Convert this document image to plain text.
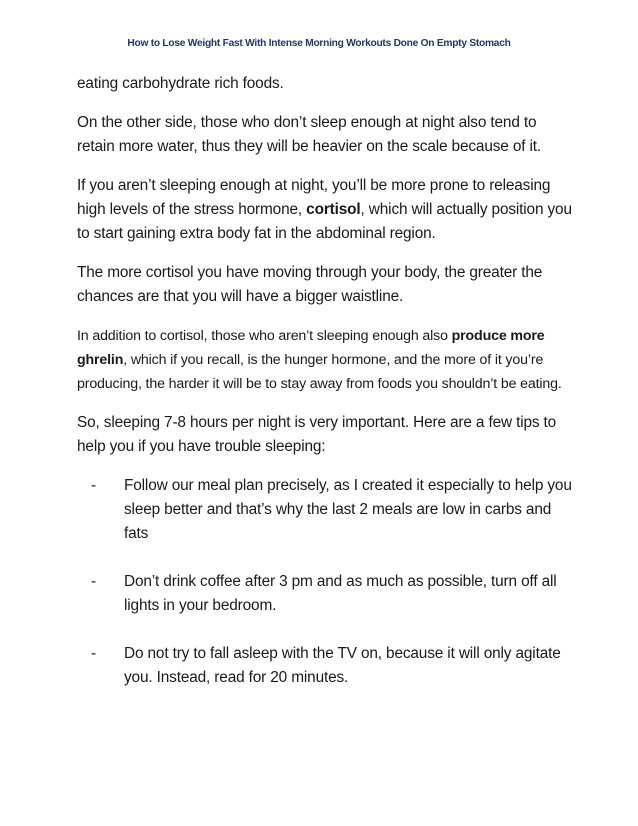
How to Lose Weight Fast With Intense Morning Workouts Done On Empty Stomach

eating carbohydrate rich foods.

On the other side, those who don’t sleep enough at night also tend to retain more water, thus they will be heavier on the scale because of it.

If you aren’t sleeping enough at night, you’ll be more prone to releasing high levels of the stress hormone, cortisol, which will actually position you to start gaining extra body fat in the abdominal region.

The more cortisol you have moving through your body, the greater the chances are that you will have a bigger waistline.

In addition to cortisol, those who aren’t sleeping enough also produce more ghrelin, which if you recall, is the hunger hormone, and the more of it you’re producing, the harder it will be to stay away from foods you shouldn’t be eating.

So, sleeping 7-8 hours per night is very important. Here are a few tips to help you if you have trouble sleeping:

- Follow our meal plan precisely, as I created it especially to help you sleep better and that’s why the last 2 meals are low in carbs and fats
- Don’t drink coffee after 3 pm and as much as possible, turn off all lights in your bedroom.
- Do not try to fall asleep with the TV on, because it will only agitate you. Instead, read for 20 minutes.
